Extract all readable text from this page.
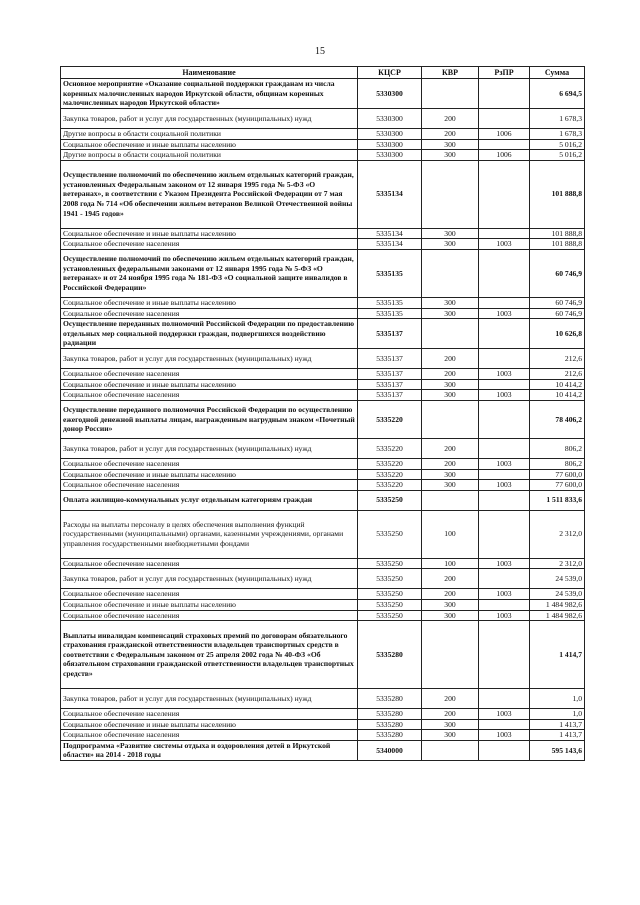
15
Наименование	КЦСР	КВР	РзПР	Сумма
Основное мероприятие «Оказание социальной поддержки гражданам из числа коренных малочисленных народов Иркутской области, общинам коренных малочисленных народов Иркутской области»	5330300			6 694,5
Закупка товаров, работ и услуг для государственных (муниципальных) нужд	5330300	200		1 678,3
Другие вопросы в области социальной политики	5330300	200	1006	1 678,3
Социальное обеспечение и иные выплаты населению	5330300	300		5 016,2
Другие вопросы в области социальной политики	5330300	300	1006	5 016,2
Осуществление полномочий по обеспечению жильем отдельных категорий граждан, установленных Федеральным законом от 12 января 1995 года № 5-ФЗ «О ветеранах», в соответствии с Указом Президента Российской Федерации от 7 мая 2008 года № 714 «Об обеспечении жильем ветеранов Великой Отечественной войны 1941 - 1945 годов»	5335134			101 888,8
Социальное обеспечение и иные выплаты населению	5335134	300		101 888,8
Социальное обеспечение населения	5335134	300	1003	101 888,8
Осуществление полномочий по обеспечению жильем отдельных категорий граждан, установленных федеральными законами от 12 января 1995 года № 5-ФЗ «О ветеранах» и от 24 ноября 1995 года № 181-ФЗ «О социальной защите инвалидов в Российской Федерации»	5335135			60 746,9
Социальное обеспечение и иные выплаты населению	5335135	300		60 746,9
Социальное обеспечение населения	5335135	300	1003	60 746,9
Осуществление переданных полномочий Российской Федерации по предоставлению отдельных мер социальной поддержки граждан, подвергшихся воздействию радиации	5335137			10 626,8
Закупка товаров, работ и услуг для государственных (муниципальных) нужд	5335137	200		212,6
Социальное обеспечение населения	5335137	200	1003	212,6
Социальное обеспечение и иные выплаты населению	5335137	300		10 414,2
Социальное обеспечение населения	5335137	300	1003	10 414,2
Осуществление переданного полномочия Российской Федерации по осуществлению ежегодной денежной выплаты лицам, награжденным нагрудным знаком «Почетный донор России»	5335220			78 406,2
Закупка товаров, работ и услуг для государственных (муниципальных) нужд	5335220	200		806,2
Социальное обеспечение населения	5335220	200	1003	806,2
Социальное обеспечение и иные выплаты населению	5335220	300		77 600,0
Социальное обеспечение населения	5335220	300	1003	77 600,0
Оплата жилищно-коммунальных услуг отдельным категориям граждан	5335250			1 511 833,6
Расходы на выплаты персоналу в целях обеспечения выполнения функций государственными (муниципальными) органами, казенными учреждениями, органами управления государственными внебюджетными фондами	5335250	100		2 312,0
Социальное обеспечение населения	5335250	100	1003	2 312,0
Закупка товаров, работ и услуг для государственных (муниципальных) нужд	5335250	200		24 539,0
Социальное обеспечение населения	5335250	200	1003	24 539,0
Социальное обеспечение и иные выплаты населению	5335250	300		1 484 982,6
Социальное обеспечение населения	5335250	300	1003	1 484 982,6
Выплаты инвалидам компенсаций страховых премий по договорам обязательного страхования гражданской ответственности владельцев транспортных средств в соответствии с Федеральным законом от 25 апреля 2002 года № 40-ФЗ «Об обязательном страховании гражданской ответственности владельцев транспортных средств»	5335280			1 414,7
Закупка товаров, работ и услуг для государственных (муниципальных) нужд	5335280	200		1,0
Социальное обеспечение населения	5335280	200	1003	1,0
Социальное обеспечение и иные выплаты населению	5335280	300		1 413,7
Социальное обеспечение населения	5335280	300	1003	1 413,7
Подпрограмма «Развитие системы отдыха и оздоровления детей в Иркутской области» на 2014 - 2018 годы	5340000			595 143,6
